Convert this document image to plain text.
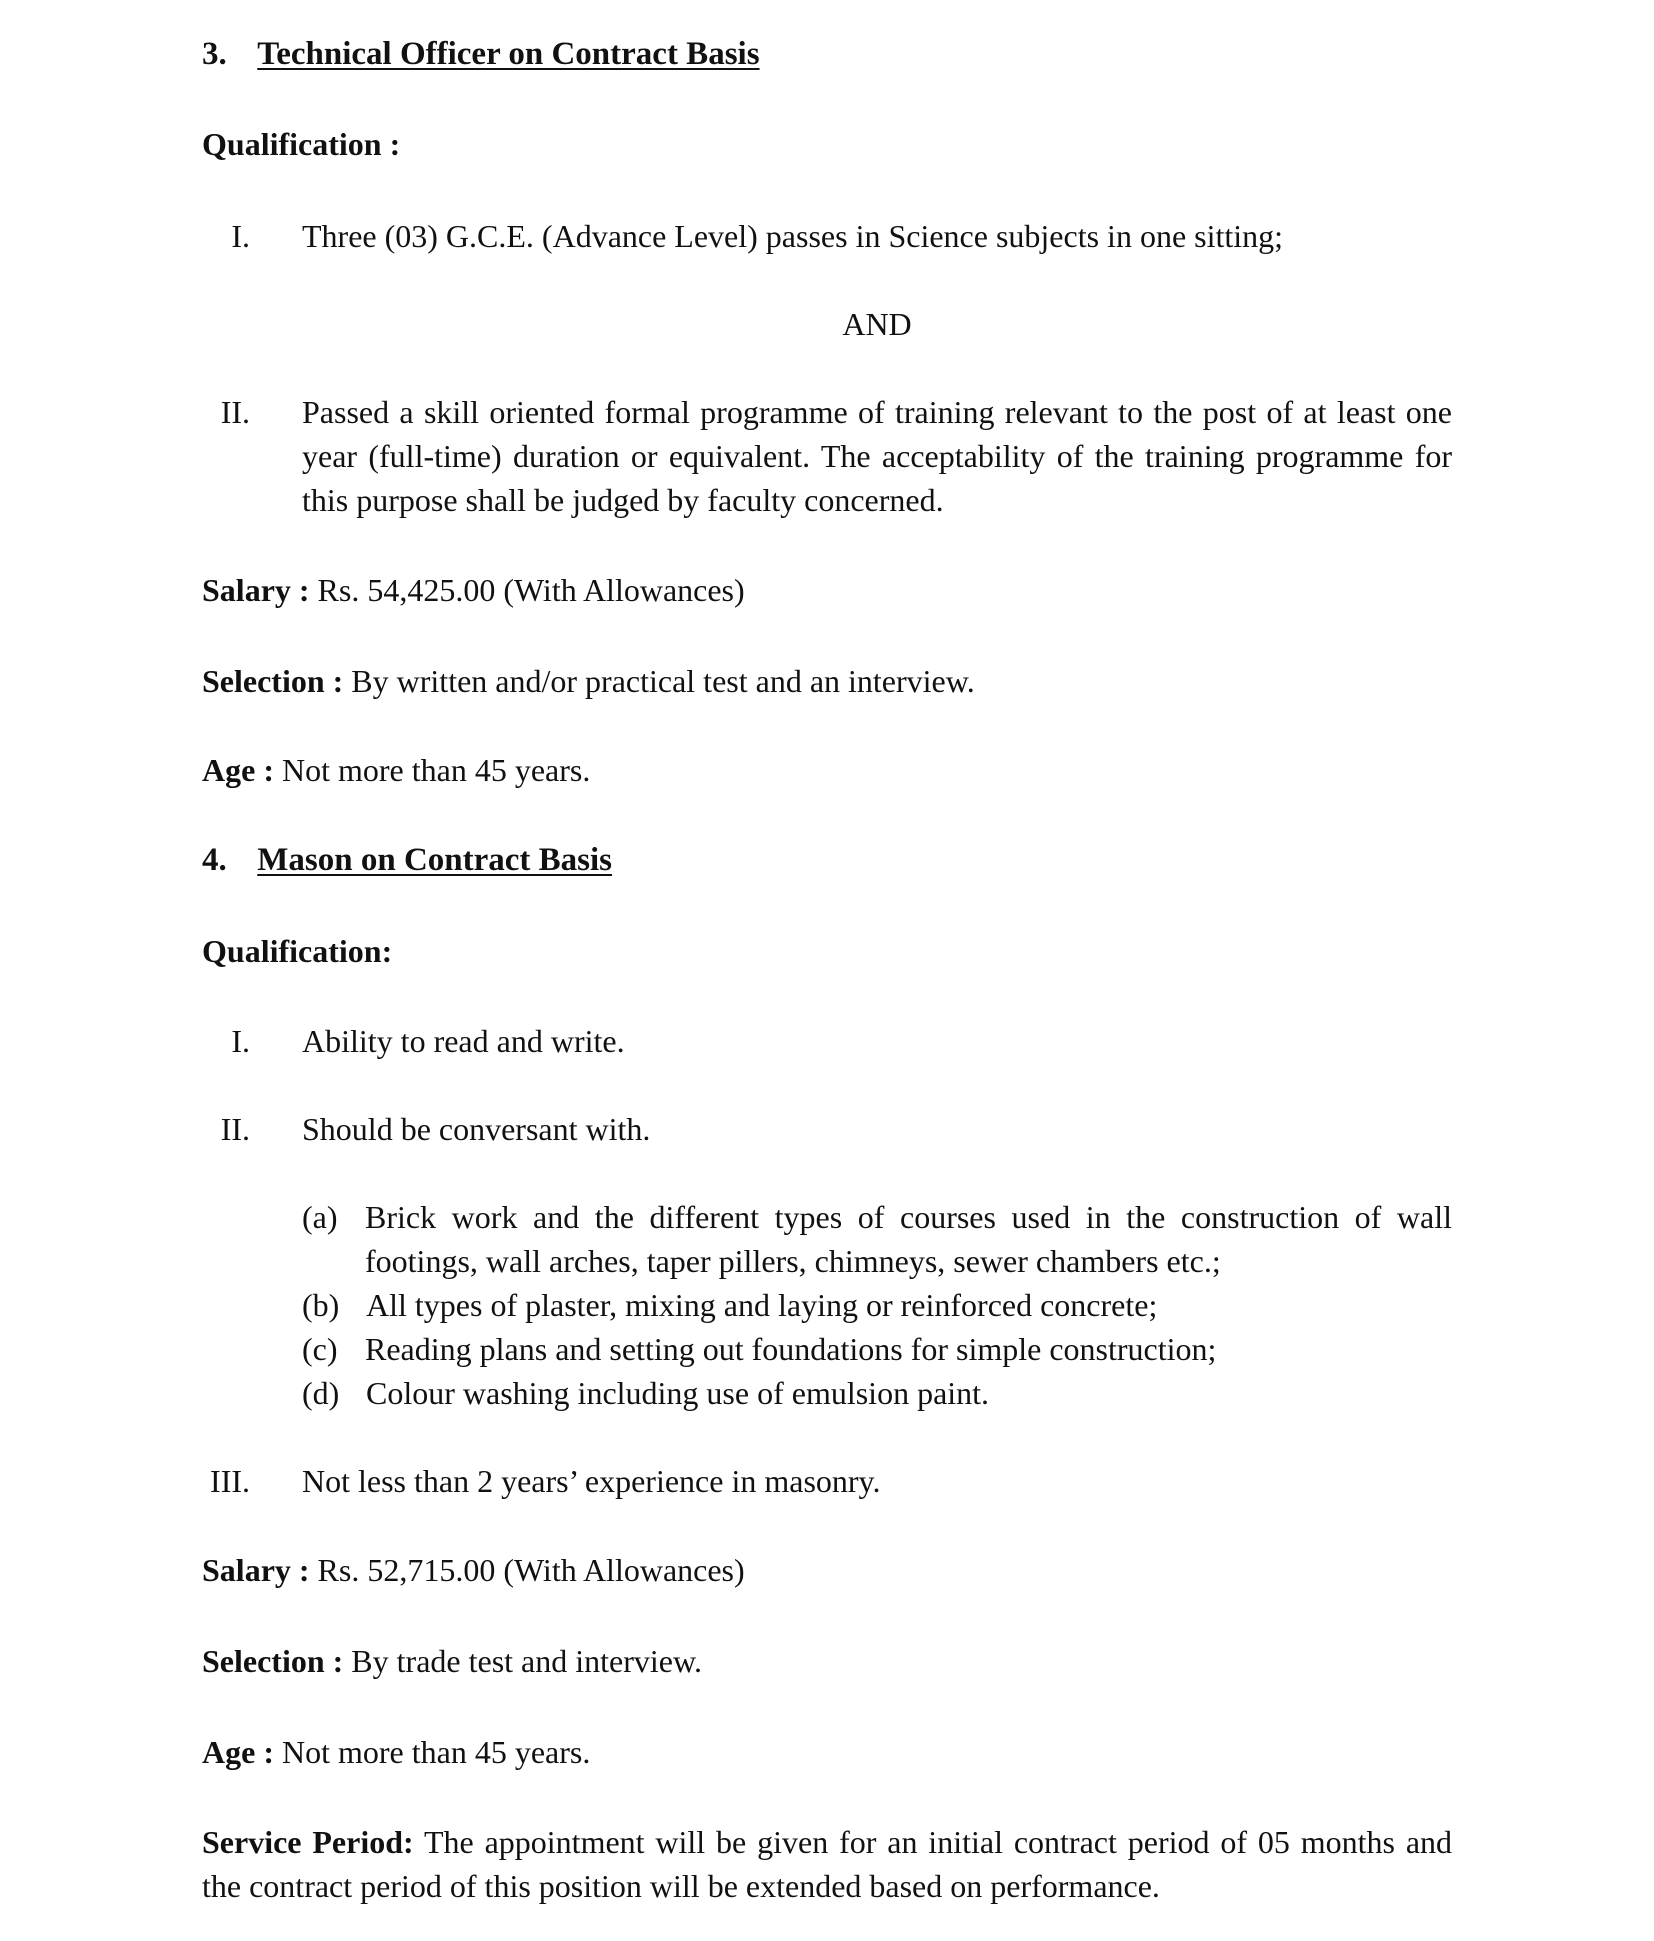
3. Technical Officer on Contract Basis
Qualification :
I. Three (03) G.C.E. (Advance Level) passes in Science subjects in one sitting;
AND
II. Passed a skill oriented formal programme of training relevant to the post of at least one year (full-time) duration or equivalent. The acceptability of the training programme for this purpose shall be judged by faculty concerned.
Salary : Rs. 54,425.00 (With Allowances)
Selection : By written and/or practical test and an interview.
Age : Not more than 45 years.
4. Mason on Contract Basis
Qualification:
I. Ability to read and write.
II. Should be conversant with.
(a) Brick work and the different types of courses used in the construction of wall footings, wall arches, taper pillers, chimneys, sewer chambers etc.;
(b) All types of plaster, mixing and laying or reinforced concrete;
(c) Reading plans and setting out foundations for simple construction;
(d) Colour washing including use of emulsion paint.
III. Not less than 2 years’ experience in masonry.
Salary : Rs. 52,715.00 (With Allowances)
Selection : By trade test and interview.
Age : Not more than 45 years.
Service Period: The appointment will be given for an initial contract period of 05 months and the contract period of this position will be extended based on performance.
